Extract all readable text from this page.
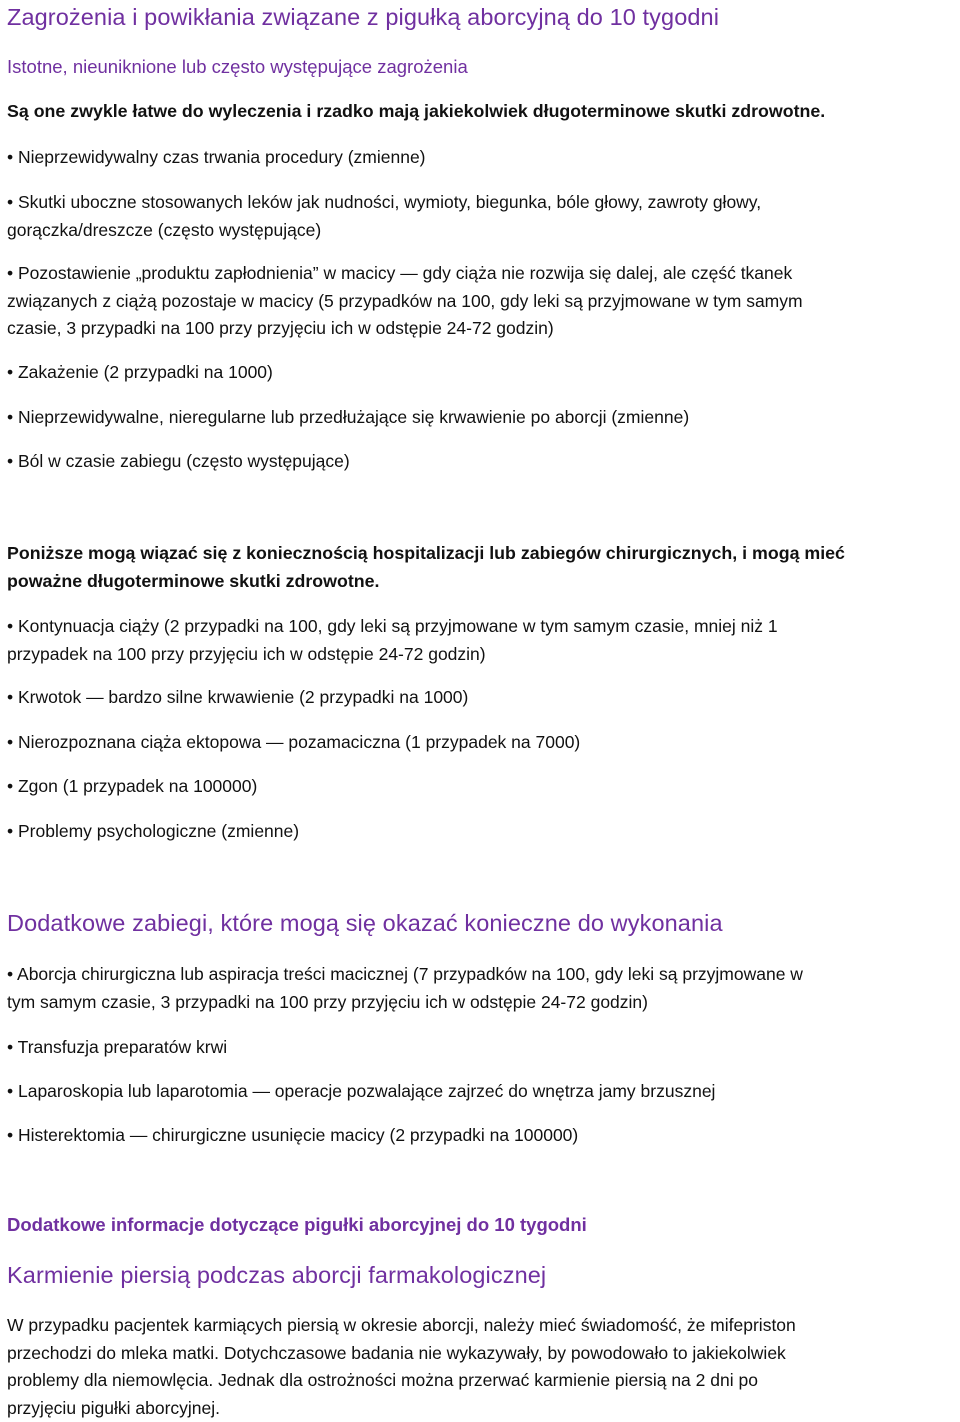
Zagrożenia i powikłania związane z pigułką aborcyjną do 10 tygodni
Istotne, nieuniknione lub często występujące zagrożenia
Są one zwykle łatwe do wyleczenia i rzadko mają jakiekolwiek długoterminowe skutki zdrowotne.
• Nieprzewidywalny czas trwania procedury (zmienne)
• Skutki uboczne stosowanych leków jak nudności, wymioty, biegunka, bóle głowy, zawroty głowy,
gorączka/dreszcze (często występujące)
• Pozostawienie „produktu zapłodnienia” w macicy — gdy ciąża nie rozwija się dalej, ale część tkanek
związanych z ciążą pozostaje w macicy (5 przypadków na 100, gdy leki są przyjmowane w tym samym
czasie, 3 przypadki na 100 przy przyjęciu ich w odstępie 24-72 godzin)
• Zakażenie (2 przypadki na 1000)
• Nieprzewidywalne, nieregularne lub przedłużające się krwawienie po aborcji (zmienne)
• Ból w czasie zabiegu (często występujące)
Poniższe mogą wiązać się z koniecznością hospitalizacji lub zabiegów chirurgicznych, i mogą mieć
poważne długoterminowe skutki zdrowotne.
• Kontynuacja ciąży (2 przypadki na 100, gdy leki są przyjmowane w tym samym czasie, mniej niż 1
przypadek na 100 przy przyjęciu ich w odstępie 24-72 godzin)
• Krwotok — bardzo silne krwawienie (2 przypadki na 1000)
• Nierozpoznana ciąża ektopowa — pozamaciczna (1 przypadek na 7000)
• Zgon (1 przypadek na 100000)
• Problemy psychologiczne (zmienne)
Dodatkowe zabiegi, które mogą się okazać konieczne do wykonania
• Aborcja chirurgiczna lub aspiracja treści macicznej (7 przypadków na 100, gdy leki są przyjmowane w
tym samym czasie, 3 przypadki na 100 przy przyjęciu ich w odstępie 24-72 godzin)
• Transfuzja preparatów krwi
• Laparoskopia lub laparotomia — operacje pozwalające zajrzeć do wnętrza jamy brzusznej
• Histerektomia — chirurgiczne usunięcie macicy (2 przypadki na 100000)
Dodatkowe informacje dotyczące pigułki aborcyjnej do 10 tygodni
Karmienie piersią podczas aborcji farmakologicznej
W przypadku pacjentek karmiących piersią w okresie aborcji, należy mieć świadomość, że mifepriston
przechodzi do mleka matki. Dotychczasowe badania nie wykazywały, by powodowało to jakiekolwiek
problemy dla niemowlęcia. Jednak dla ostrożności można przerwać karmienie piersią na 2 dni po
przyjęciu pigułki aborcyjnej.
